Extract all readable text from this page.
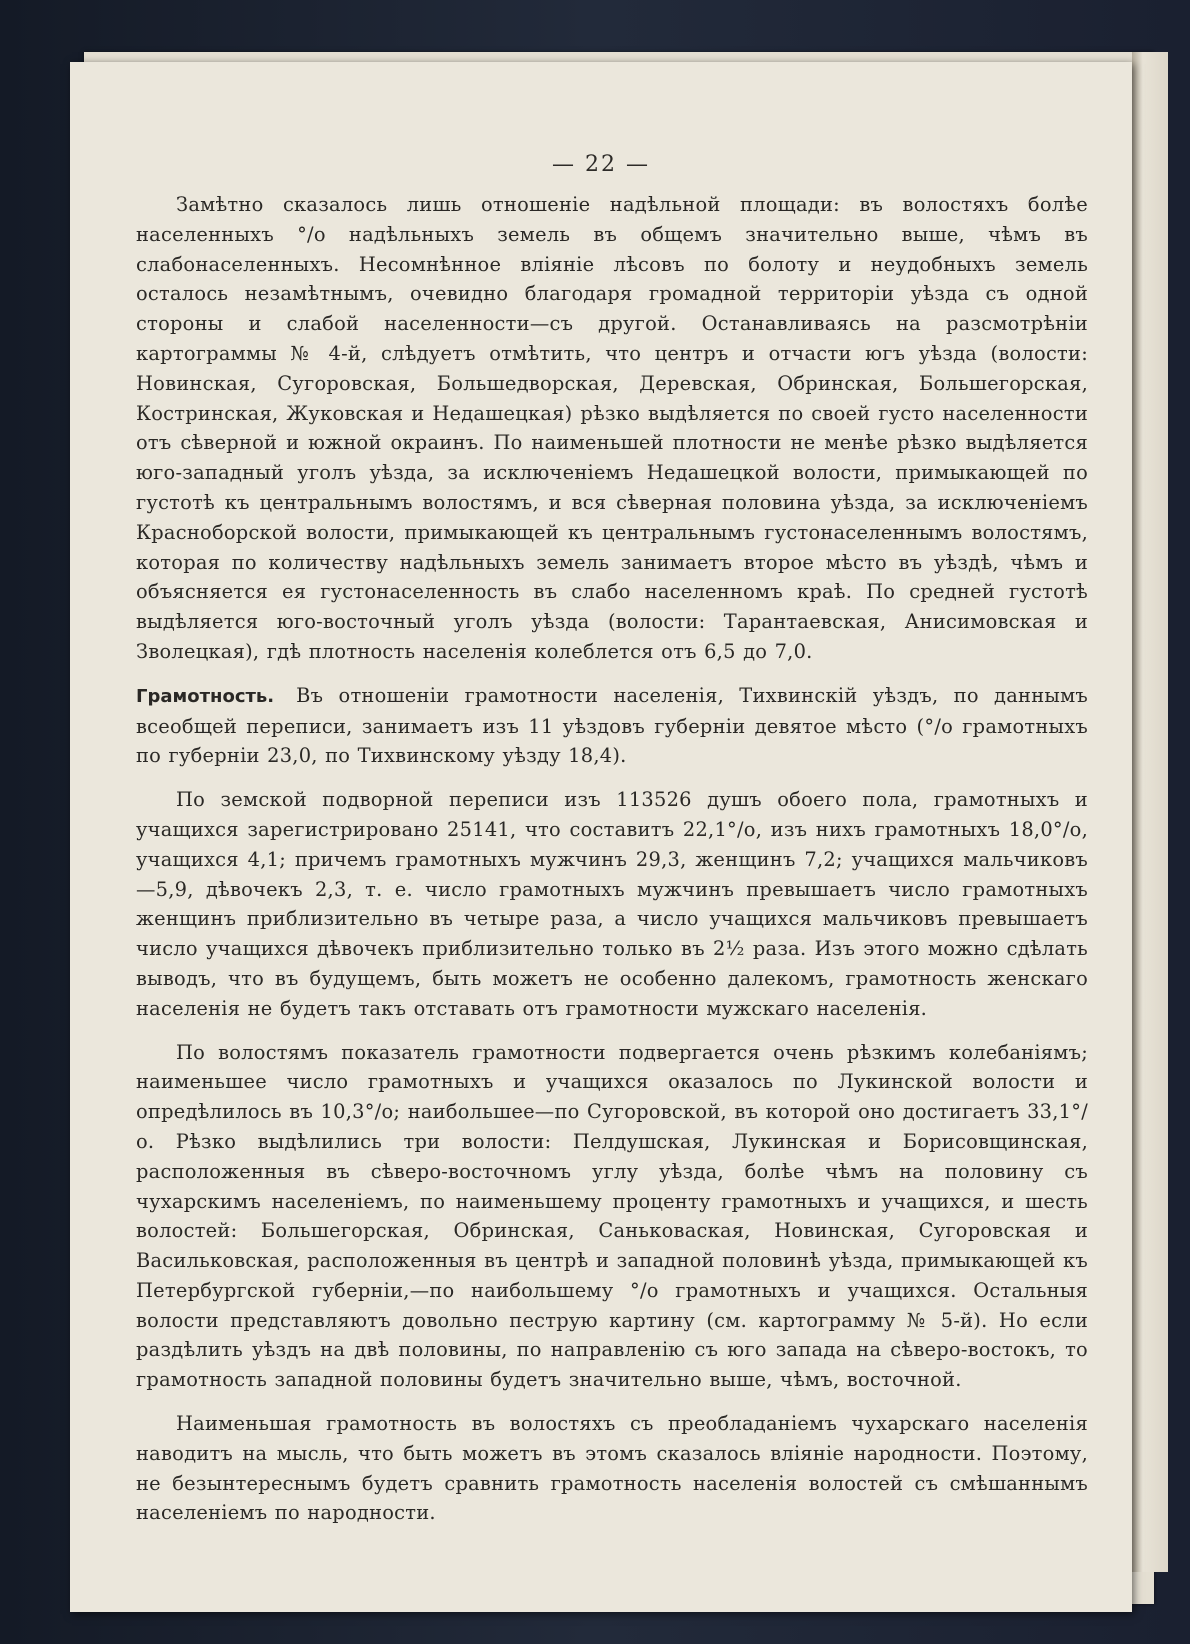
— 22 —

Замѣтно сказалось лишь отношеніе надѣльной площади: въ волостяхъ болѣе населенныхъ °/о надѣльныхъ земель въ общемъ значительно выше, чѣмъ въ слабонаселенныхъ. Несомнѣнное вліяніе лѣсовъ по болоту и неудобныхъ земель осталось незамѣтнымъ, очевидно благодаря громадной территоріи уѣзда съ одной стороны и слабой населенности—съ другой. Останавливаясь на разсмотрѣніи картограммы № 4-й, слѣдуетъ отмѣтить, что центръ и отчасти югъ уѣзда (волости: Новинская, Сугоровская, Большедворская, Деревская, Обринская, Большегорская, Костринская, Жуковская и Недашецкая) рѣзко выдѣляется по своей густо населенности отъ сѣверной и южной окраинъ. По наименьшей плотности не менѣе рѣзко выдѣляется юго-западный уголъ уѣзда, за исключеніемъ Недашецкой волости, примыкающей по густотѣ къ центральнымъ волостямъ, и вся сѣверная половина уѣзда, за исключеніемъ Красноборской волости, примыкающей къ центральнымъ густонаселеннымъ волостямъ, которая по количеству надѣльныхъ земель занимаетъ второе мѣсто въ уѣздѣ, чѣмъ и объясняется ея густонаселенность въ слабо населенномъ краѣ. По средней густотѣ выдѣляется юго-восточный уголъ уѣзда (волости: Тарантаевская, Анисимовская и Зволецкая), гдѣ плотность населенія колеблется отъ 6,5 до 7,0.

Грамотность. Въ отношеніи грамотности населенія, Тихвинскій уѣздъ, по даннымъ всеобщей переписи, занимаетъ изъ 11 уѣздовъ губерніи девятое мѣсто (°/о грамотныхъ по губерніи 23,0, по Тихвинскому уѣзду 18,4).

По земской подворной переписи изъ 113526 душъ обоего пола, грамотныхъ и учащихся зарегистрировано 25141, что составитъ 22,1°/о, изъ нихъ грамотныхъ 18,0°/о, учащихся 4,1; причемъ грамотныхъ мужчинъ 29,3, женщинъ 7,2; учащихся мальчиковъ—5,9, дѣвочекъ 2,3, т. е. число грамотныхъ мужчинъ превышаетъ число грамотныхъ женщинъ приблизительно въ четыре раза, а число учащихся мальчиковъ превышаетъ число учащихся дѣвочекъ приблизительно только въ 2½ раза. Изъ этого можно сдѣлать выводъ, что въ будущемъ, быть можетъ не особенно далекомъ, грамотность женскаго населенія не будетъ такъ отставать отъ грамотности мужскаго населенія.

По волостямъ показатель грамотности подвергается очень рѣзкимъ колебаніямъ; наименьшее число грамотныхъ и учащихся оказалось по Лукинской волости и опредѣлилось въ 10,3°/о; наибольшее—по Сугоровской, въ которой оно достигаетъ 33,1°/о. Рѣзко выдѣлились три волости: Пелдушская, Лукинская и Борисовщинская, расположенныя въ сѣверо-восточномъ углу уѣзда, болѣе чѣмъ на половину съ чухарскимъ населеніемъ, по наименьшему проценту грамотныхъ и учащихся, и шесть волостей: Большегорская, Обринская, Саньковаская, Новинская, Сугоровская и Васильковская, расположенныя въ центрѣ и западной половинѣ уѣзда, примыкающей къ Петербургской губерніи,—по наибольшему °/о грамотныхъ и учащихся. Остальныя волости представляютъ довольно пеструю картину (см. картограмму № 5-й). Но если раздѣлить уѣздъ на двѣ половины, по направленію съ юго запада на сѣверо-востокъ, то грамотность западной половины будетъ значительно выше, чѣмъ, восточной.

Наименьшая грамотность въ волостяхъ съ преобладаніемъ чухарскаго населенія наводитъ на мысль, что быть можетъ въ этомъ сказалось вліяніе народности. Поэтому, не безынтереснымъ будетъ сравнить грамотность населенія волостей съ смѣшаннымъ населеніемъ по народности.
